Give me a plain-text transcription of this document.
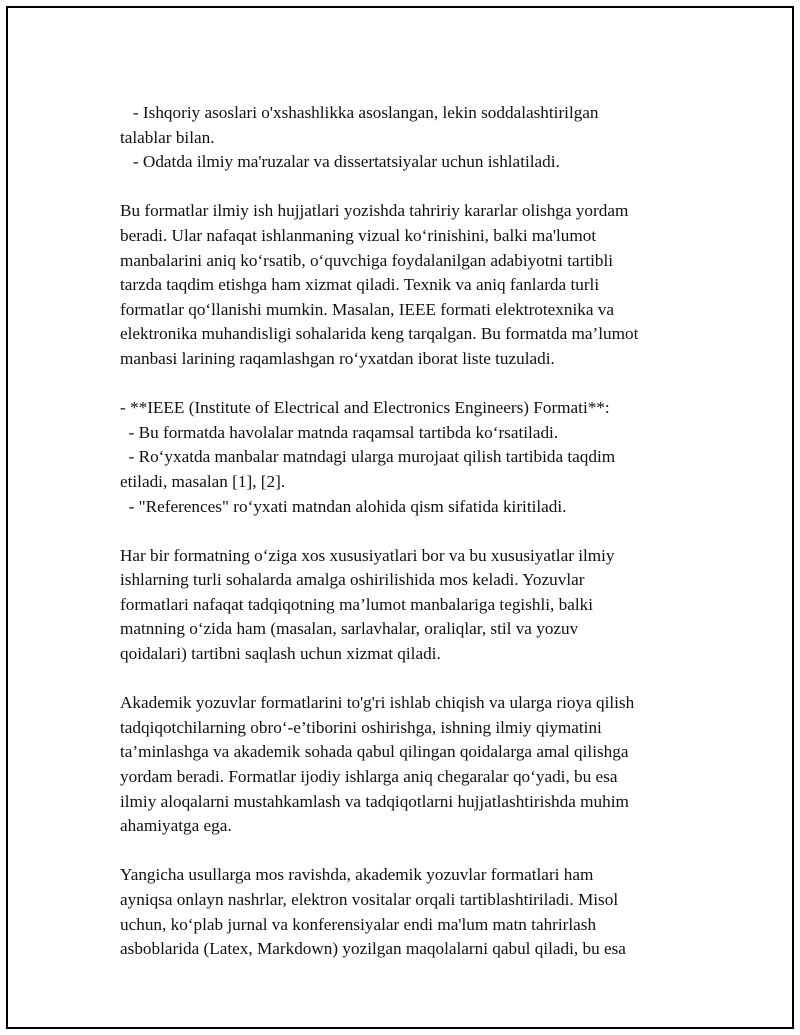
- Ishqoriy asoslari o'xshashlikka asoslangan, lekin soddalashtirilgan
talablar bilan.
- Odatda ilmiy ma'ruzalar va dissertatsiyalar uchun ishlatiladi.
Bu formatlar ilmiy ish hujjatlari yozishda tahririy kararlar olishga yordam
beradi. Ular nafaqat ishlanmaning vizual ko‘rinishini, balki ma'lumot
manbalarini aniq ko‘rsatib, o‘quvchiga foydalanilgan adabiyotni tartibli
tarzda taqdim etishga ham xizmat qiladi. Texnik va aniq fanlarda turli
formatlar qo‘llanishi mumkin. Masalan, IEEE formati elektrotexnika va
elektronika muhandisligi sohalarida keng tarqalgan. Bu formatda ma’lumot
manbasi larining raqamlashgan ro‘yxatdan iborat liste tuzuladi.
- **IEEE (Institute of Electrical and Electronics Engineers) Formati**:
- Bu formatda havolalar matnda raqamsal tartibda ko‘rsatiladi.
- Ro‘yxatda manbalar matndagi ularga murojaat qilish tartibida taqdim
etiladi, masalan [1], [2].
- "References" ro‘yxati matndan alohida qism sifatida kiritiladi.
Har bir formatning o‘ziga xos xususiyatlari bor va bu xususiyatlar ilmiy
ishlarning turli sohalarda amalga oshirilishida mos keladi. Yozuvlar
formatlari nafaqat tadqiqotning ma’lumot manbalariga tegishli, balki
matnning o‘zida ham (masalan, sarlavhalar, oraliqlar, stil va yozuv
qoidalari) tartibni saqlash uchun xizmat qiladi.
Akademik yozuvlar formatlarini to'g'ri ishlab chiqish va ularga rioya qilish
tadqiqotchilarning obro‘-e’tiborini oshirishga, ishning ilmiy qiymatini
ta’minlashga va akademik sohada qabul qilingan qoidalarga amal qilishga
yordam beradi. Formatlar ijodiy ishlarga aniq chegaralar qo‘yadi, bu esa
ilmiy aloqalarni mustahkamlash va tadqiqotlarni hujjatlashtirishda muhim
ahamiyatga ega.
Yangicha usullarga mos ravishda, akademik yozuvlar formatlari ham
ayniqsa onlayn nashrlar, elektron vositalar orqali tartiblashtiriladi. Misol
uchun, ko‘plab jurnal va konferensiyalar endi ma'lum matn tahrirlash
asboblarida (Latex, Markdown) yozilgan maqolalarni qabul qiladi, bu esa
